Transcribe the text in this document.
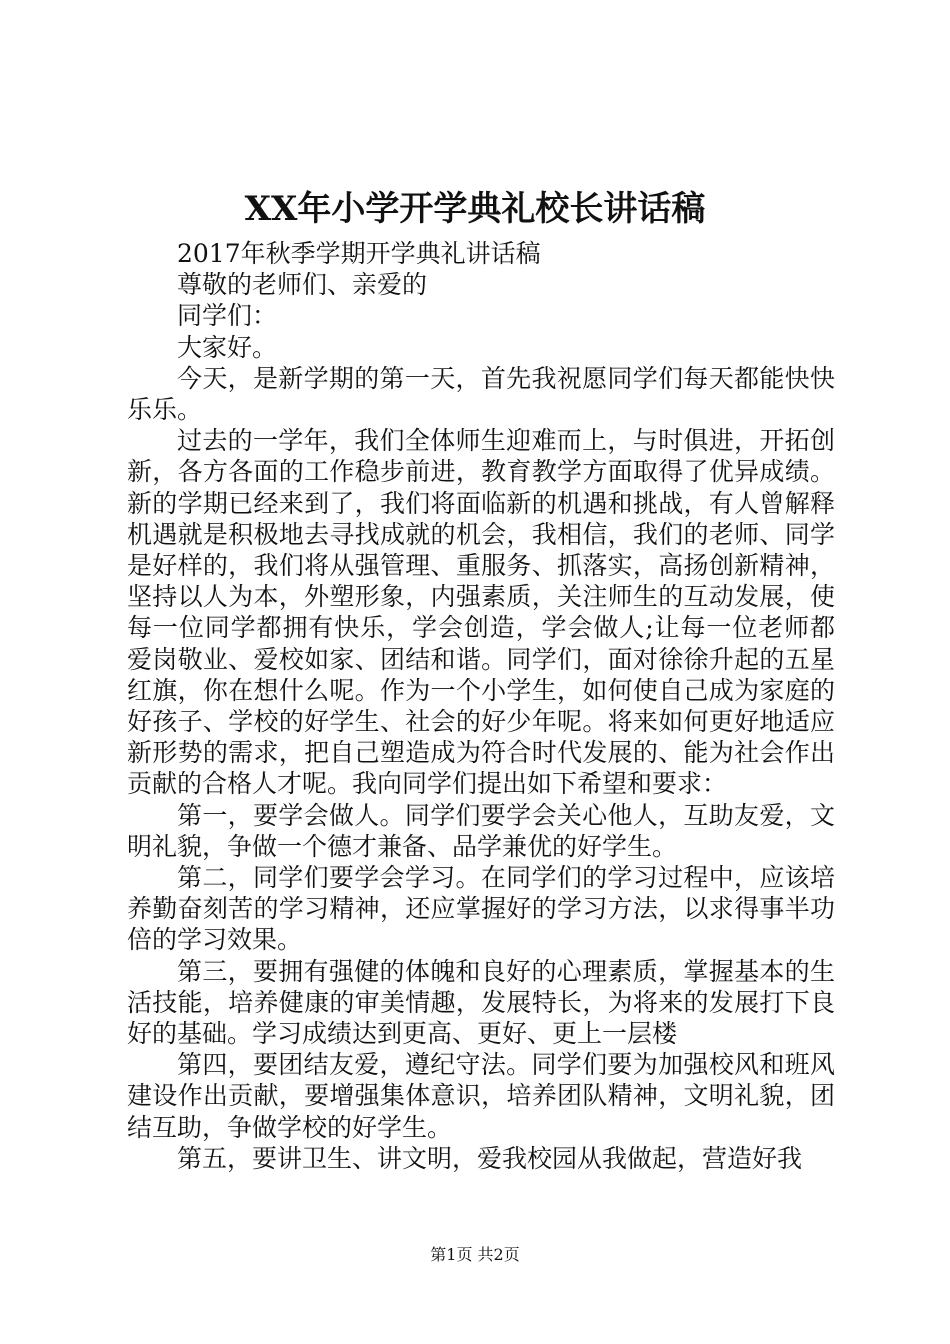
XX年小学开学典礼校长讲话稿

2017年秋季学期开学典礼讲话稿

尊敬的老师们、亲爱的

同学们：

大家好。

今天，是新学期的第一天，首先我祝愿同学们每天都能快快乐乐。

过去的一学年，我们全体师生迎难而上，与时俱进，开拓创新，各方各面的工作稳步前进，教育教学方面取得了优异成绩。新的学期已经来到了，我们将面临新的机遇和挑战，有人曾解释机遇就是积极地去寻找成就的机会，我相信，我们的老师、同学是好样的，我们将从强管理、重服务、抓落实，高扬创新精神，坚持以人为本，外塑形象，内强素质，关注师生的互动发展，使每一位同学都拥有快乐，学会创造，学会做人;让每一位老师都爱岗敬业、爱校如家、团结和谐。同学们，面对徐徐升起的五星红旗，你在想什么呢。作为一个小学生，如何使自己成为家庭的好孩子、学校的好学生、社会的好少年呢。将来如何更好地适应新形势的需求，把自己塑造成为符合时代发展的、能为社会作出贡献的合格人才呢。我向同学们提出如下希望和要求：

第一，要学会做人。同学们要学会关心他人，互助友爱，文明礼貌，争做一个德才兼备、品学兼优的好学生。

第二，同学们要学会学习。在同学们的学习过程中，应该培养勤奋刻苦的学习精神，还应掌握好的学习方法，以求得事半功倍的学习效果。

第三，要拥有强健的体魄和良好的心理素质，掌握基本的生活技能，培养健康的审美情趣，发展特长，为将来的发展打下良好的基础。学习成绩达到更高、更好、更上一层楼

第四，要团结友爱，遵纪守法。同学们要为加强校风和班风建设作出贡献，要增强集体意识，培养团队精神，文明礼貌，团结互助，争做学校的好学生。

第五，要讲卫生、讲文明，爱我校园从我做起，营造好我

第1页 共2页
